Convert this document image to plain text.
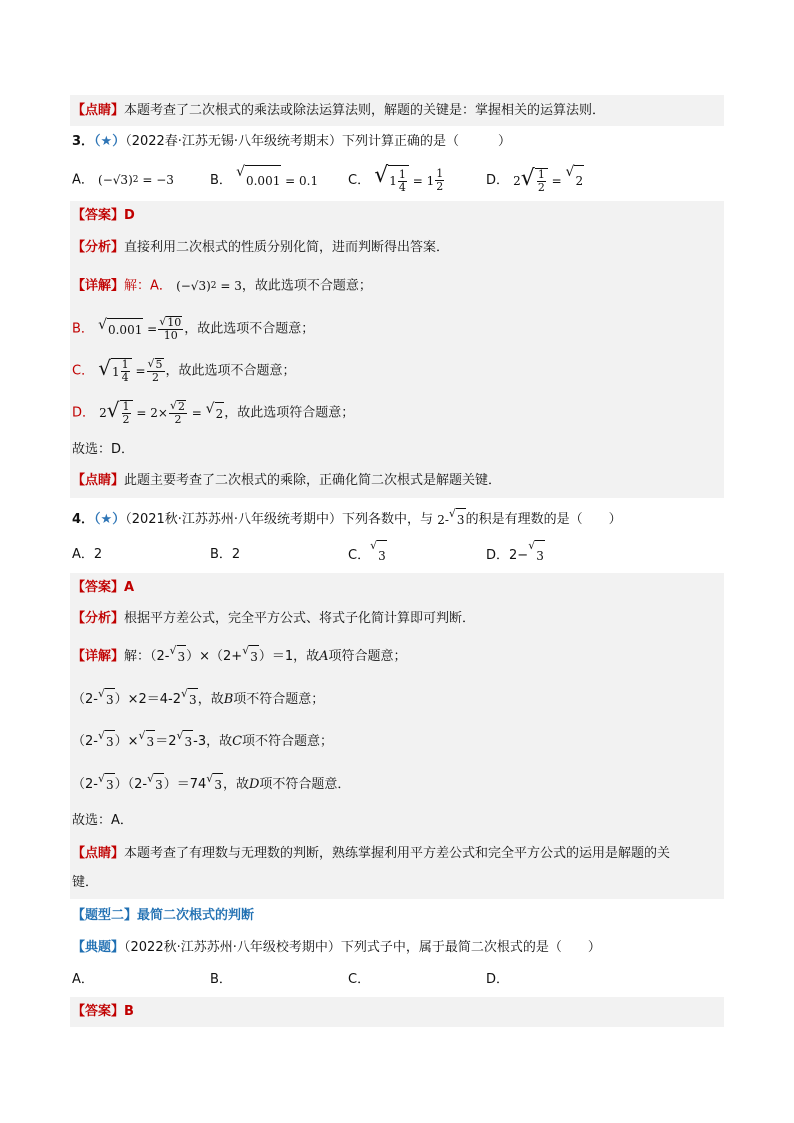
【点睛】本题考查了二次根式的乘法或除法运算法则，解题的关键是：掌握相关的运算法则．
3．（★）（2022春·江苏无锡·八年级统考期末）下列计算正确的是（　　　）
A． ( −√3 ) 2
= −3	B．
√
0.001
= 0.1 C． √ $1 \frac{1}{4}$
= $1 \frac{1}{2}$	D． 2 √ $\frac{1}{2}$
=

√
2
【答案】D
【分析】直接利用二次根式的性质分别化简，进而判断得出答案．
【详解】解：A． ( −√3 ) 2
= 3 ，故此选项不合题意；
B． √ 0.001
= $\frac{√ 10}{10}$ ，故此选项不合题意；
C． √ $1 \frac{1}{4}$
= $\frac{√ 5}{2}$ ，故此选项不合题意；
D． 2 √ $\frac{1}{2}$
= $2\times \frac{√ 2}{2}$
=
√ 2 ，故此选项符合题意；
故选：D．
【点睛】此题主要考查了二次根式的乘除，正确化简二次根式是解题关键．
4．（★）（2021秋·江苏苏州·八年级统考期中）下列各数中，与 2- √ 3 的积是有理数的是（　　）
A．2	B．2	C．
√
3	D．2−
√
3
【答案】A
【分析】根据平方差公式，完全平方公式、将式子化简计算即可判断．
【详解】解：（2- √ 3 ）×（2+ √ 3 ）＝1，故A项符合题意；
（2- √ 3 ）×2＝4-2 √ 3 ，故B项不符合题意；
（2- √ 3 ）× √ 3 ＝2 √ 3 -3，故C项不符合题意；
（2- √ 3 ）（2- √ 3 ）＝74 √ 3 ，故D项不符合题意．
故选：A．
【点睛】本题考查了有理数与无理数的判断，熟练掌握利用平方差公式和完全平方公式的运用是解题的关
键．
【题型二】最简二次根式的判断
【典题】（2022秋·江苏苏州·八年级校考期中）下列式子中，属于最简二次根式的是（　　）
A．	B．	C．	D．
【答案】B
